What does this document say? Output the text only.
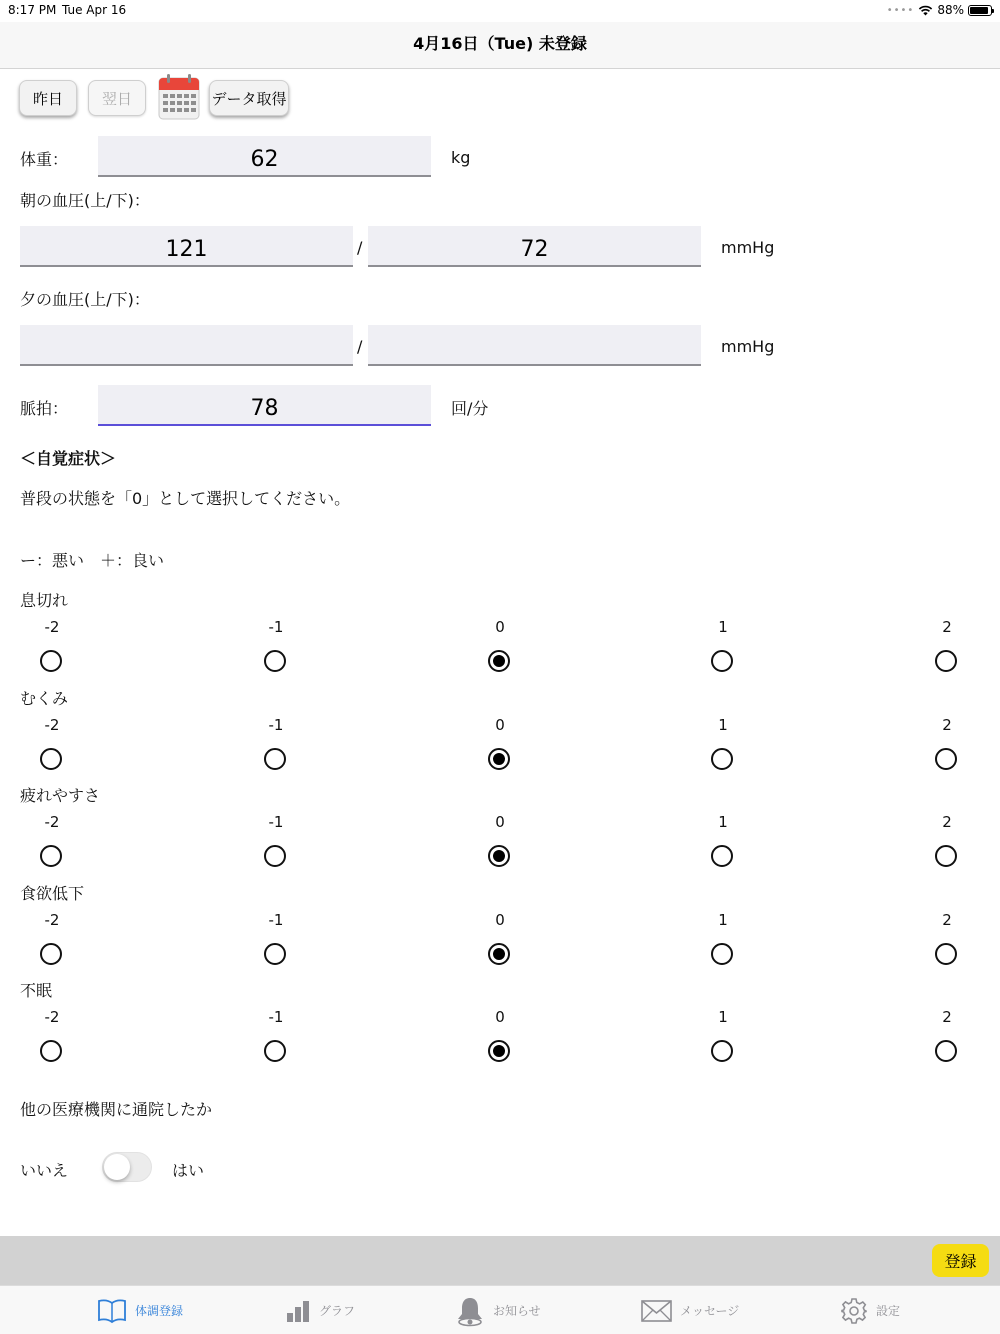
8:17 PM Tue Apr 16	•••• 88%
4月16日（Tue) 未登録
昨日	翌日	データ取得
体重：	62	kg
朝の血圧(上/下)：
121	/	72	mmHg
夕の血圧(上/下)：
/	mmHg
脈拍：	78	回/分
＜自覚症状＞
普段の状態を「0」として選択してください。
ー：悪い　＋：良い
息切れ
-2	-1	0	1	2
むくみ
-2	-1	0	1	2
疲れやすさ
-2	-1	0	1	2
食欲低下
-2	-1	0	1	2
不眠
-2	-1	0	1	2
他の医療機関に通院したか
いいえ	はい
登録
体調登録	グラフ	お知らせ	メッセージ	設定
